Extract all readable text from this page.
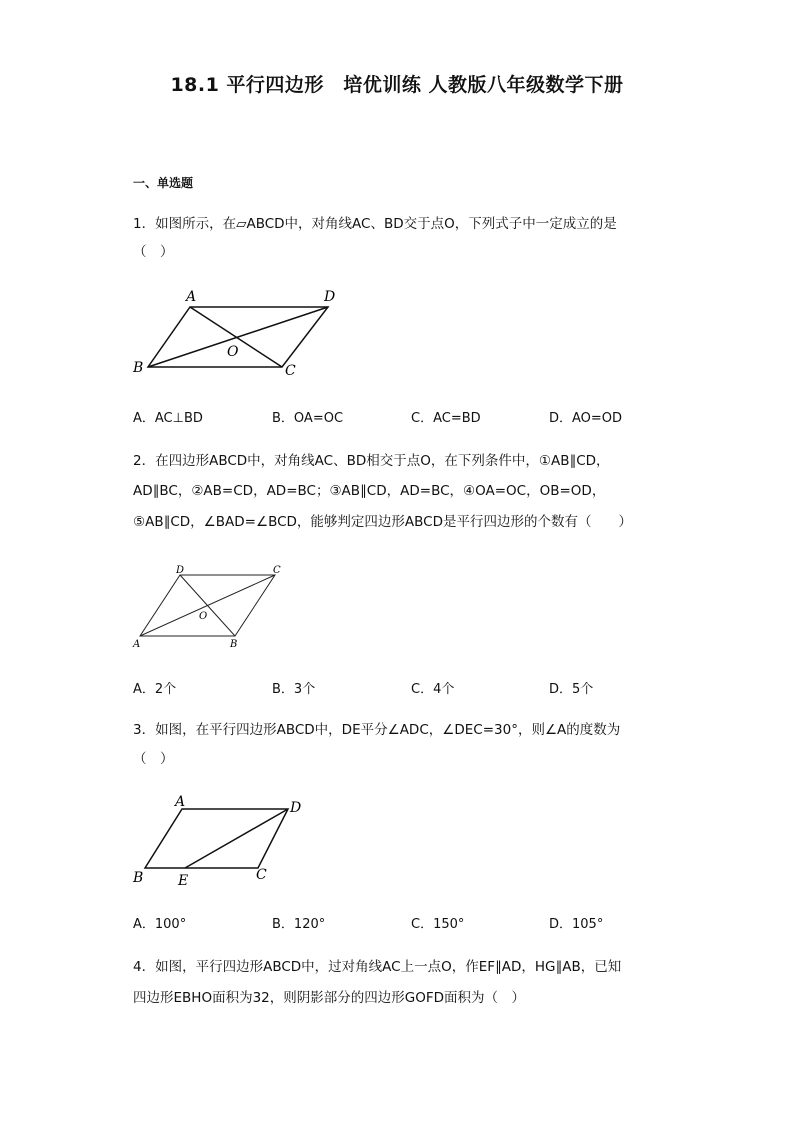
18.1 平行四边形　培优训练 人教版八年级数学下册
一、单选题
1．如图所示，在▱ABCD中，对角线AC、BD交于点O，下列式子中一定成立的是
（　）
A	D
B	C
O
A．AC⊥BD	B．OA=OC	C．AC=BD	D．AO=OD
2．在四边形ABCD中，对角线AC、BD相交于点O，在下列条件中，①AB∥CD，
AD∥BC，②AB=CD，AD=BC；③AB∥CD，AD=BC，④OA=OC，OB=OD，
⑤AB∥CD，∠BAD=∠BCD，能够判定四边形ABCD是平行四边形的个数有（　　）
D	C
A	B
O
A．2个	B．3个	C．4个	D．5个
3．如图，在平行四边形ABCD中，DE平分∠ADC，∠DEC=30°，则∠A的度数为
（　）
A	D
B E	C
A．100°	B．120°	C．150°	D．105°
4．如图，平行四边形ABCD中，过对角线AC上一点O，作EF∥AD，HG∥AB，已知
四边形EBHO面积为32，则阴影部分的四边形GOFD面积为（　）
